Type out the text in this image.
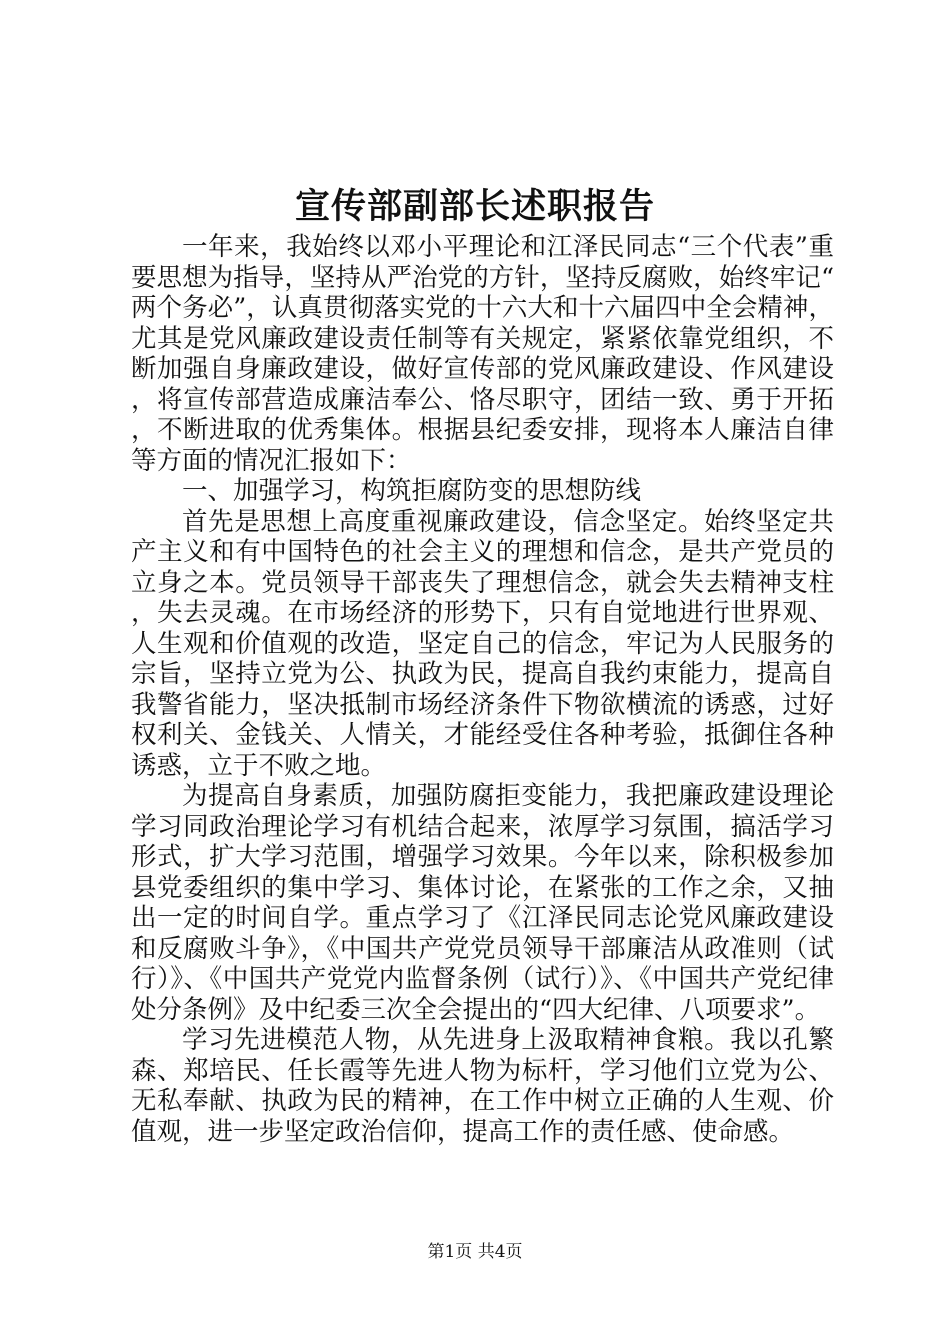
宣传部副部长述职报告

一年来，我始终以邓小平理论和江泽民同志“三个代表”重要思想为指导，坚持从严治党的方针，坚持反腐败，始终牢记“两个务必”，认真贯彻落实党的十六大和十六届四中全会精神，尤其是党风廉政建设责任制等有关规定，紧紧依靠党组织，不断加强自身廉政建设，做好宣传部的党风廉政建设、作风建设，将宣传部营造成廉洁奉公、恪尽职守，团结一致、勇于开拓，不断进取的优秀集体。根据县纪委安排，现将本人廉洁自律等方面的情况汇报如下：

一、加强学习，构筑拒腐防变的思想防线

首先是思想上高度重视廉政建设，信念坚定。始终坚定共产主义和有中国特色的社会主义的理想和信念，是共产党员的立身之本。党员领导干部丧失了理想信念，就会失去精神支柱，失去灵魂。在市场经济的形势下，只有自觉地进行世界观、人生观和价值观的改造，坚定自己的信念，牢记为人民服务的宗旨，坚持立党为公、执政为民，提高自我约束能力，提高自我警省能力，坚决抵制市场经济条件下物欲横流的诱惑，过好权利关、金钱关、人情关，才能经受住各种考验，抵御住各种诱惑，立于不败之地。

为提高自身素质，加强防腐拒变能力，我把廉政建设理论学习同政治理论学习有机结合起来，浓厚学习氛围，搞活学习形式，扩大学习范围，增强学习效果。今年以来，除积极参加县党委组织的集中学习、集体讨论，在紧张的工作之余，又抽出一定的时间自学。重点学习了《江泽民同志论党风廉政建设和反腐败斗争》，《中国共产党党员领导干部廉洁从政准则（试行）》、《中国共产党党内监督条例（试行）》、《中国共产党纪律处分条例》及中纪委三次全会提出的“四大纪律、八项要求”。

学习先进模范人物，从先进身上汲取精神食粮。我以孔繁森、郑培民、任长霞等先进人物为标杆，学习他们立党为公、无私奉献、执政为民的精神，在工作中树立正确的人生观、价值观，进一步坚定政治信仰，提高工作的责任感、使命感。

第1页 共4页
